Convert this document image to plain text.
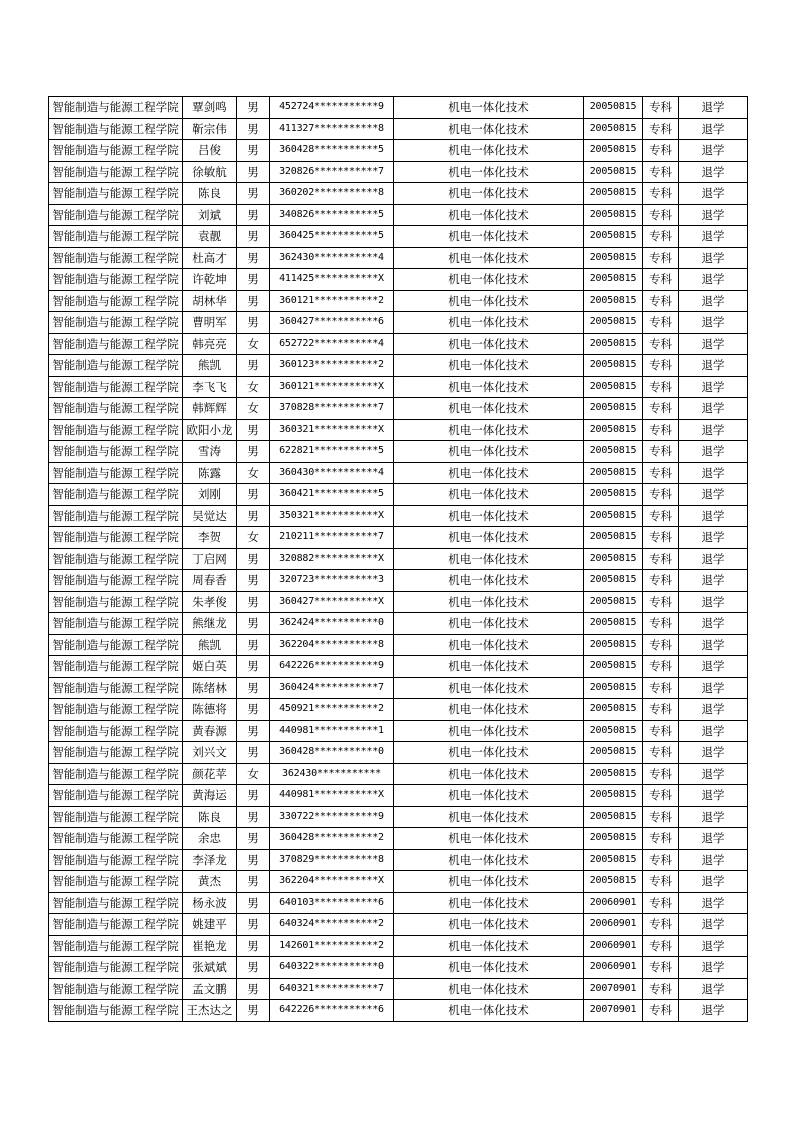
智能制造与能源工程学院	覃剑鸣	男	452724***********9	机电一体化技术	20050815	专科	退学
智能制造与能源工程学院	靳宗伟	男	411327***********8	机电一体化技术	20050815	专科	退学
智能制造与能源工程学院	吕俊	男	360428***********5	机电一体化技术	20050815	专科	退学
智能制造与能源工程学院	徐敏航	男	320826***********7	机电一体化技术	20050815	专科	退学
智能制造与能源工程学院	陈良	男	360202***********8	机电一体化技术	20050815	专科	退学
智能制造与能源工程学院	刘斌	男	340826***********5	机电一体化技术	20050815	专科	退学
智能制造与能源工程学院	袁靓	男	360425***********5	机电一体化技术	20050815	专科	退学
智能制造与能源工程学院	杜高才	男	362430***********4	机电一体化技术	20050815	专科	退学
智能制造与能源工程学院	许乾坤	男	411425***********X	机电一体化技术	20050815	专科	退学
智能制造与能源工程学院	胡林华	男	360121***********2	机电一体化技术	20050815	专科	退学
智能制造与能源工程学院	曹明军	男	360427***********6	机电一体化技术	20050815	专科	退学
智能制造与能源工程学院	韩亮亮	女	652722***********4	机电一体化技术	20050815	专科	退学
智能制造与能源工程学院	熊凯	男	360123***********2	机电一体化技术	20050815	专科	退学
智能制造与能源工程学院	李飞飞	女	360121***********X	机电一体化技术	20050815	专科	退学
智能制造与能源工程学院	韩辉辉	女	370828***********7	机电一体化技术	20050815	专科	退学
智能制造与能源工程学院	欧阳小龙	男	360321***********X	机电一体化技术	20050815	专科	退学
智能制造与能源工程学院	雪涛	男	622821***********5	机电一体化技术	20050815	专科	退学
智能制造与能源工程学院	陈露	女	360430***********4	机电一体化技术	20050815	专科	退学
智能制造与能源工程学院	刘刚	男	360421***********5	机电一体化技术	20050815	专科	退学
智能制造与能源工程学院	吴觉达	男	350321***********X	机电一体化技术	20050815	专科	退学
智能制造与能源工程学院	李贺	女	210211***********7	机电一体化技术	20050815	专科	退学
智能制造与能源工程学院	丁启网	男	320882***********X	机电一体化技术	20050815	专科	退学
智能制造与能源工程学院	周春香	男	320723***********3	机电一体化技术	20050815	专科	退学
智能制造与能源工程学院	朱孝俊	男	360427***********X	机电一体化技术	20050815	专科	退学
智能制造与能源工程学院	熊继龙	男	362424***********0	机电一体化技术	20050815	专科	退学
智能制造与能源工程学院	熊凯	男	362204***********8	机电一体化技术	20050815	专科	退学
智能制造与能源工程学院	姬白英	男	642226***********9	机电一体化技术	20050815	专科	退学
智能制造与能源工程学院	陈绪林	男	360424***********7	机电一体化技术	20050815	专科	退学
智能制造与能源工程学院	陈德将	男	450921***********2	机电一体化技术	20050815	专科	退学
智能制造与能源工程学院	黄春源	男	440981***********1	机电一体化技术	20050815	专科	退学
智能制造与能源工程学院	刘兴文	男	360428***********0	机电一体化技术	20050815	专科	退学
智能制造与能源工程学院	颜花苹	女	362430***********	机电一体化技术	20050815	专科	退学
智能制造与能源工程学院	黄海运	男	440981***********X	机电一体化技术	20050815	专科	退学
智能制造与能源工程学院	陈良	男	330722***********9	机电一体化技术	20050815	专科	退学
智能制造与能源工程学院	余忠	男	360428***********2	机电一体化技术	20050815	专科	退学
智能制造与能源工程学院	李泽龙	男	370829***********8	机电一体化技术	20050815	专科	退学
智能制造与能源工程学院	黄杰	男	362204***********X	机电一体化技术	20050815	专科	退学
智能制造与能源工程学院	杨永波	男	640103***********6	机电一体化技术	20060901	专科	退学
智能制造与能源工程学院	姚建平	男	640324***********2	机电一体化技术	20060901	专科	退学
智能制造与能源工程学院	崔艳龙	男	142601***********2	机电一体化技术	20060901	专科	退学
智能制造与能源工程学院	张斌斌	男	640322***********0	机电一体化技术	20060901	专科	退学
智能制造与能源工程学院	孟文鹏	男	640321***********7	机电一体化技术	20070901	专科	退学
智能制造与能源工程学院	王杰达之	男	642226***********6	机电一体化技术	20070901	专科	退学
